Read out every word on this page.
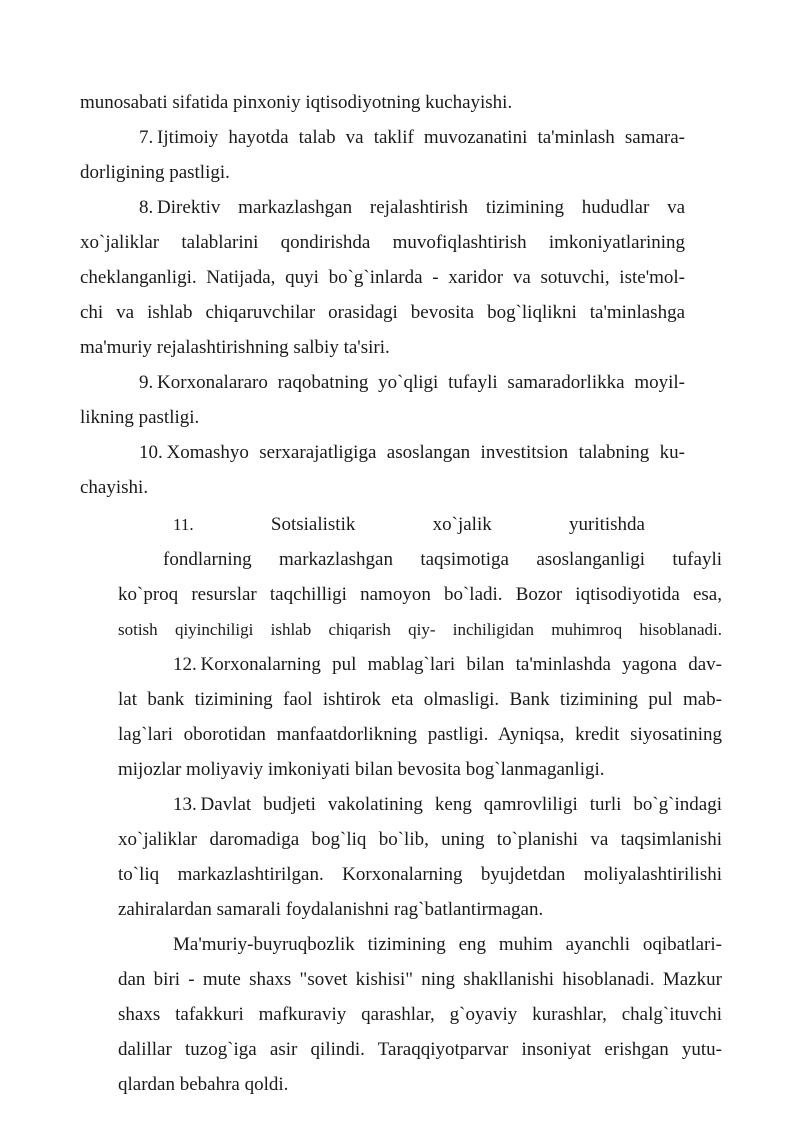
munosabati sifatida pinxoniy iqtisodiyotning kuchayishi.
7. Ijtimoiy hayotda talab va taklif muvozanatini ta'minlash samara-
dorligining pastligi.
8. Direktiv markazlashgan rejalashtirish tizimining hududlar va
xo`jaliklar talablarini qondirishda muvofiqlashtirish imkoniyatlarining
cheklanganligi. Natijada, quyi bo`g`inlarda - xaridor va sotuvchi, iste'mol-
chi va ishlab chiqaruvchilar orasidagi bevosita bog`liqlikni ta'minlashga
ma'muriy rejalashtirishning salbiy ta'siri.
9. Korxonalararo raqobatning yo`qligi tufayli samaradorlikka moyil-
likning pastligi.
10. Xomashyo serxarajatligiga asoslangan investitsion talabning ku-
chayishi.
11.	Sotsialistik	xo`jalik	yuritishda
fondlarning markazlashgan taqsimotiga asoslanganligi tufayli
ko`proq resurslar taqchilligi namoyon bo`ladi. Bozor iqtisodiyotida esa,
sotish qiyinchiligi ishlab chiqarish qiy- inchiligidan muhimroq hisoblanadi.
12. Korxonalarning pul mablag`lari bilan ta'minlashda yagona dav-
lat bank tizimining faol ishtirok eta olmasligi. Bank tizimining pul mab-
lag`lari oborotidan manfaatdorlikning pastligi. Ayniqsa, kredit siyosatining
mijozlar moliyaviy imkoniyati bilan bevosita bog`lanmaganligi.
13. Davlat budjeti vakolatining keng qamrovliligi turli bo`g`indagi
xo`jaliklar daromadiga bog`liq bo`lib, uning to`planishi va taqsimlanishi
to`liq markazlashtirilgan. Korxonalarning byujdetdan moliyalashtirilishi
zahiralardan samarali foydalanishni rag`batlantirmagan.
Ma'muriy-buyruqbozlik tizimining eng muhim ayanchli oqibatlari-
dan biri - mute shaxs "sovet kishisi" ning shakllanishi hisoblanadi. Mazkur
shaxs tafakkuri mafkuraviy qarashlar, g`oyaviy kurashlar, chalg`ituvchi
dalillar tuzog`iga asir qilindi. Taraqqiyotparvar insoniyat erishgan yutu-
qlardan bebahra qoldi.
